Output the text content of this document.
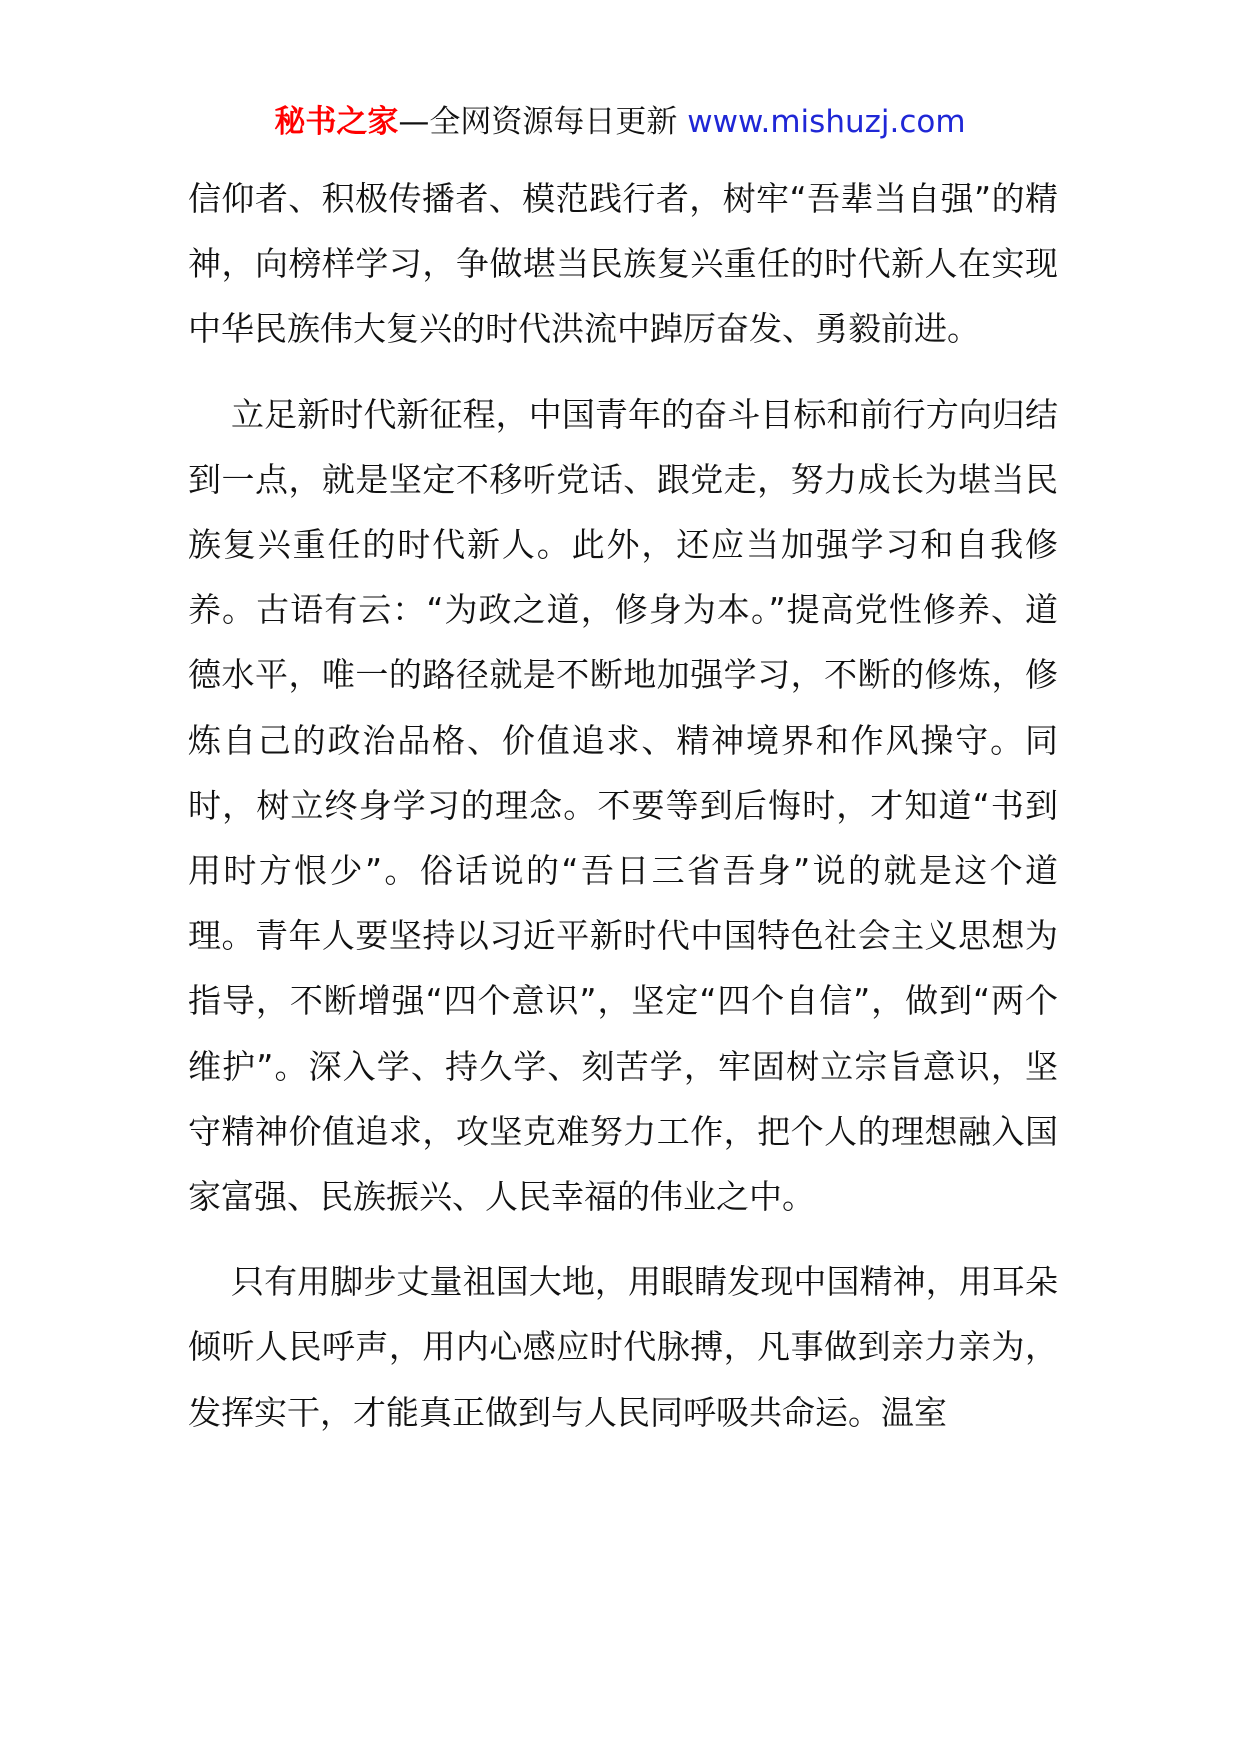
秘书之家—全网资源每日更新 www.mishuzj.com

信仰者、积极传播者、模范践行者，树牢“吾辈当自强”的精神，向榜样学习，争做堪当民族复兴重任的时代新人在实现中华民族伟大复兴的时代洪流中踔厉奋发、勇毅前进。

立足新时代新征程，中国青年的奋斗目标和前行方向归结到一点，就是坚定不移听党话、跟党走，努力成长为堪当民族复兴重任的时代新人。此外，还应当加强学习和自我修养。古语有云：“为政之道，修身为本。”提高党性修养、道德水平，唯一的路径就是不断地加强学习，不断的修炼，修炼自己的政治品格、价值追求、精神境界和作风操守。同时，树立终身学习的理念。不要等到后悔时，才知道“书到用时方恨少”。俗话说的“吾日三省吾身”说的就是这个道理。青年人要坚持以习近平新时代中国特色社会主义思想为指导，不断增强“四个意识”，坚定“四个自信”，做到“两个维护”。深入学、持久学、刻苦学，牢固树立宗旨意识，坚守精神价值追求，攻坚克难努力工作，把个人的理想融入国家富强、民族振兴、人民幸福的伟业之中。

只有用脚步丈量祖国大地，用眼睛发现中国精神，用耳朵倾听人民呼声，用内心感应时代脉搏，凡事做到亲力亲为，发挥实干，才能真正做到与人民同呼吸共命运。温室
